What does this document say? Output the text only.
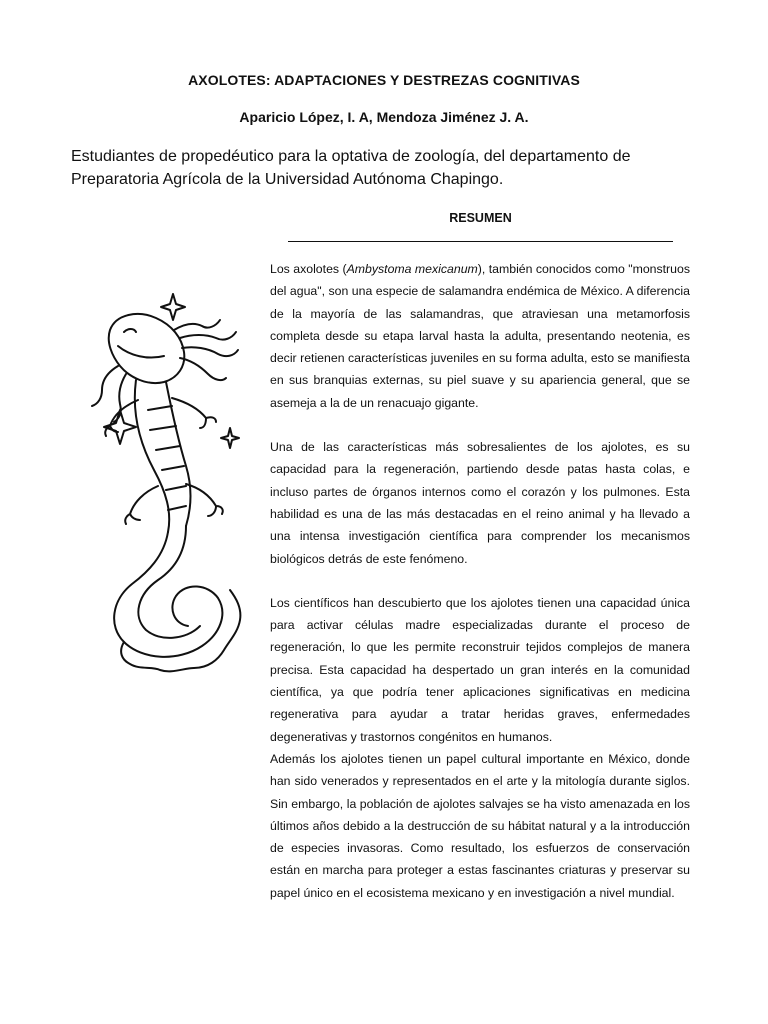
AXOLOTES: ADAPTACIONES Y DESTREZAS COGNITIVAS
Aparicio López, I. A, Mendoza Jiménez J. A.
Estudiantes de propedéutico para la optativa de zoología, del departamento de Preparatoria Agrícola de la Universidad Autónoma Chapingo.
RESUMEN

Los axolotes (Ambystoma mexicanum), también conocidos como "monstruos del agua", son una especie de salamandra endémica de México. A diferencia de la mayoría de las salamandras, que atraviesan una metamorfosis completa desde su etapa larval hasta la adulta, presentando neotenia, es decir retienen características juveniles en su forma adulta, esto se manifiesta en sus branquias externas, su piel suave y su apariencia general, que se asemeja a la de un renacuajo gigante.

Una de las características más sobresalientes de los ajolotes, es su capacidad para la regeneración, partiendo desde patas hasta colas, e incluso partes de órganos internos como el corazón y los pulmones. Esta habilidad es una de las más destacadas en el reino animal y ha llevado a una intensa investigación científica para comprender los mecanismos biológicos detrás de este fenómeno.

Los científicos han descubierto que los ajolotes tienen una capacidad única para activar células madre especializadas durante el proceso de regeneración, lo que les permite reconstruir tejidos complejos de manera precisa. Esta capacidad ha despertado un gran interés en la comunidad científica, ya que podría tener aplicaciones significativas en medicina regenerativa para ayudar a tratar heridas graves, enfermedades degenerativas y trastornos congénitos en humanos.

Además los ajolotes tienen un papel cultural importante en México, donde han sido venerados y representados en el arte y la mitología durante siglos. Sin embargo, la población de ajolotes salvajes se ha visto amenazada en los últimos años debido a la destrucción de su hábitat natural y a la introducción de especies invasoras. Como resultado, los esfuerzos de conservación están en marcha para proteger a estas fascinantes criaturas y preservar su papel único en el ecosistema mexicano y en investigación a nivel mundial.
